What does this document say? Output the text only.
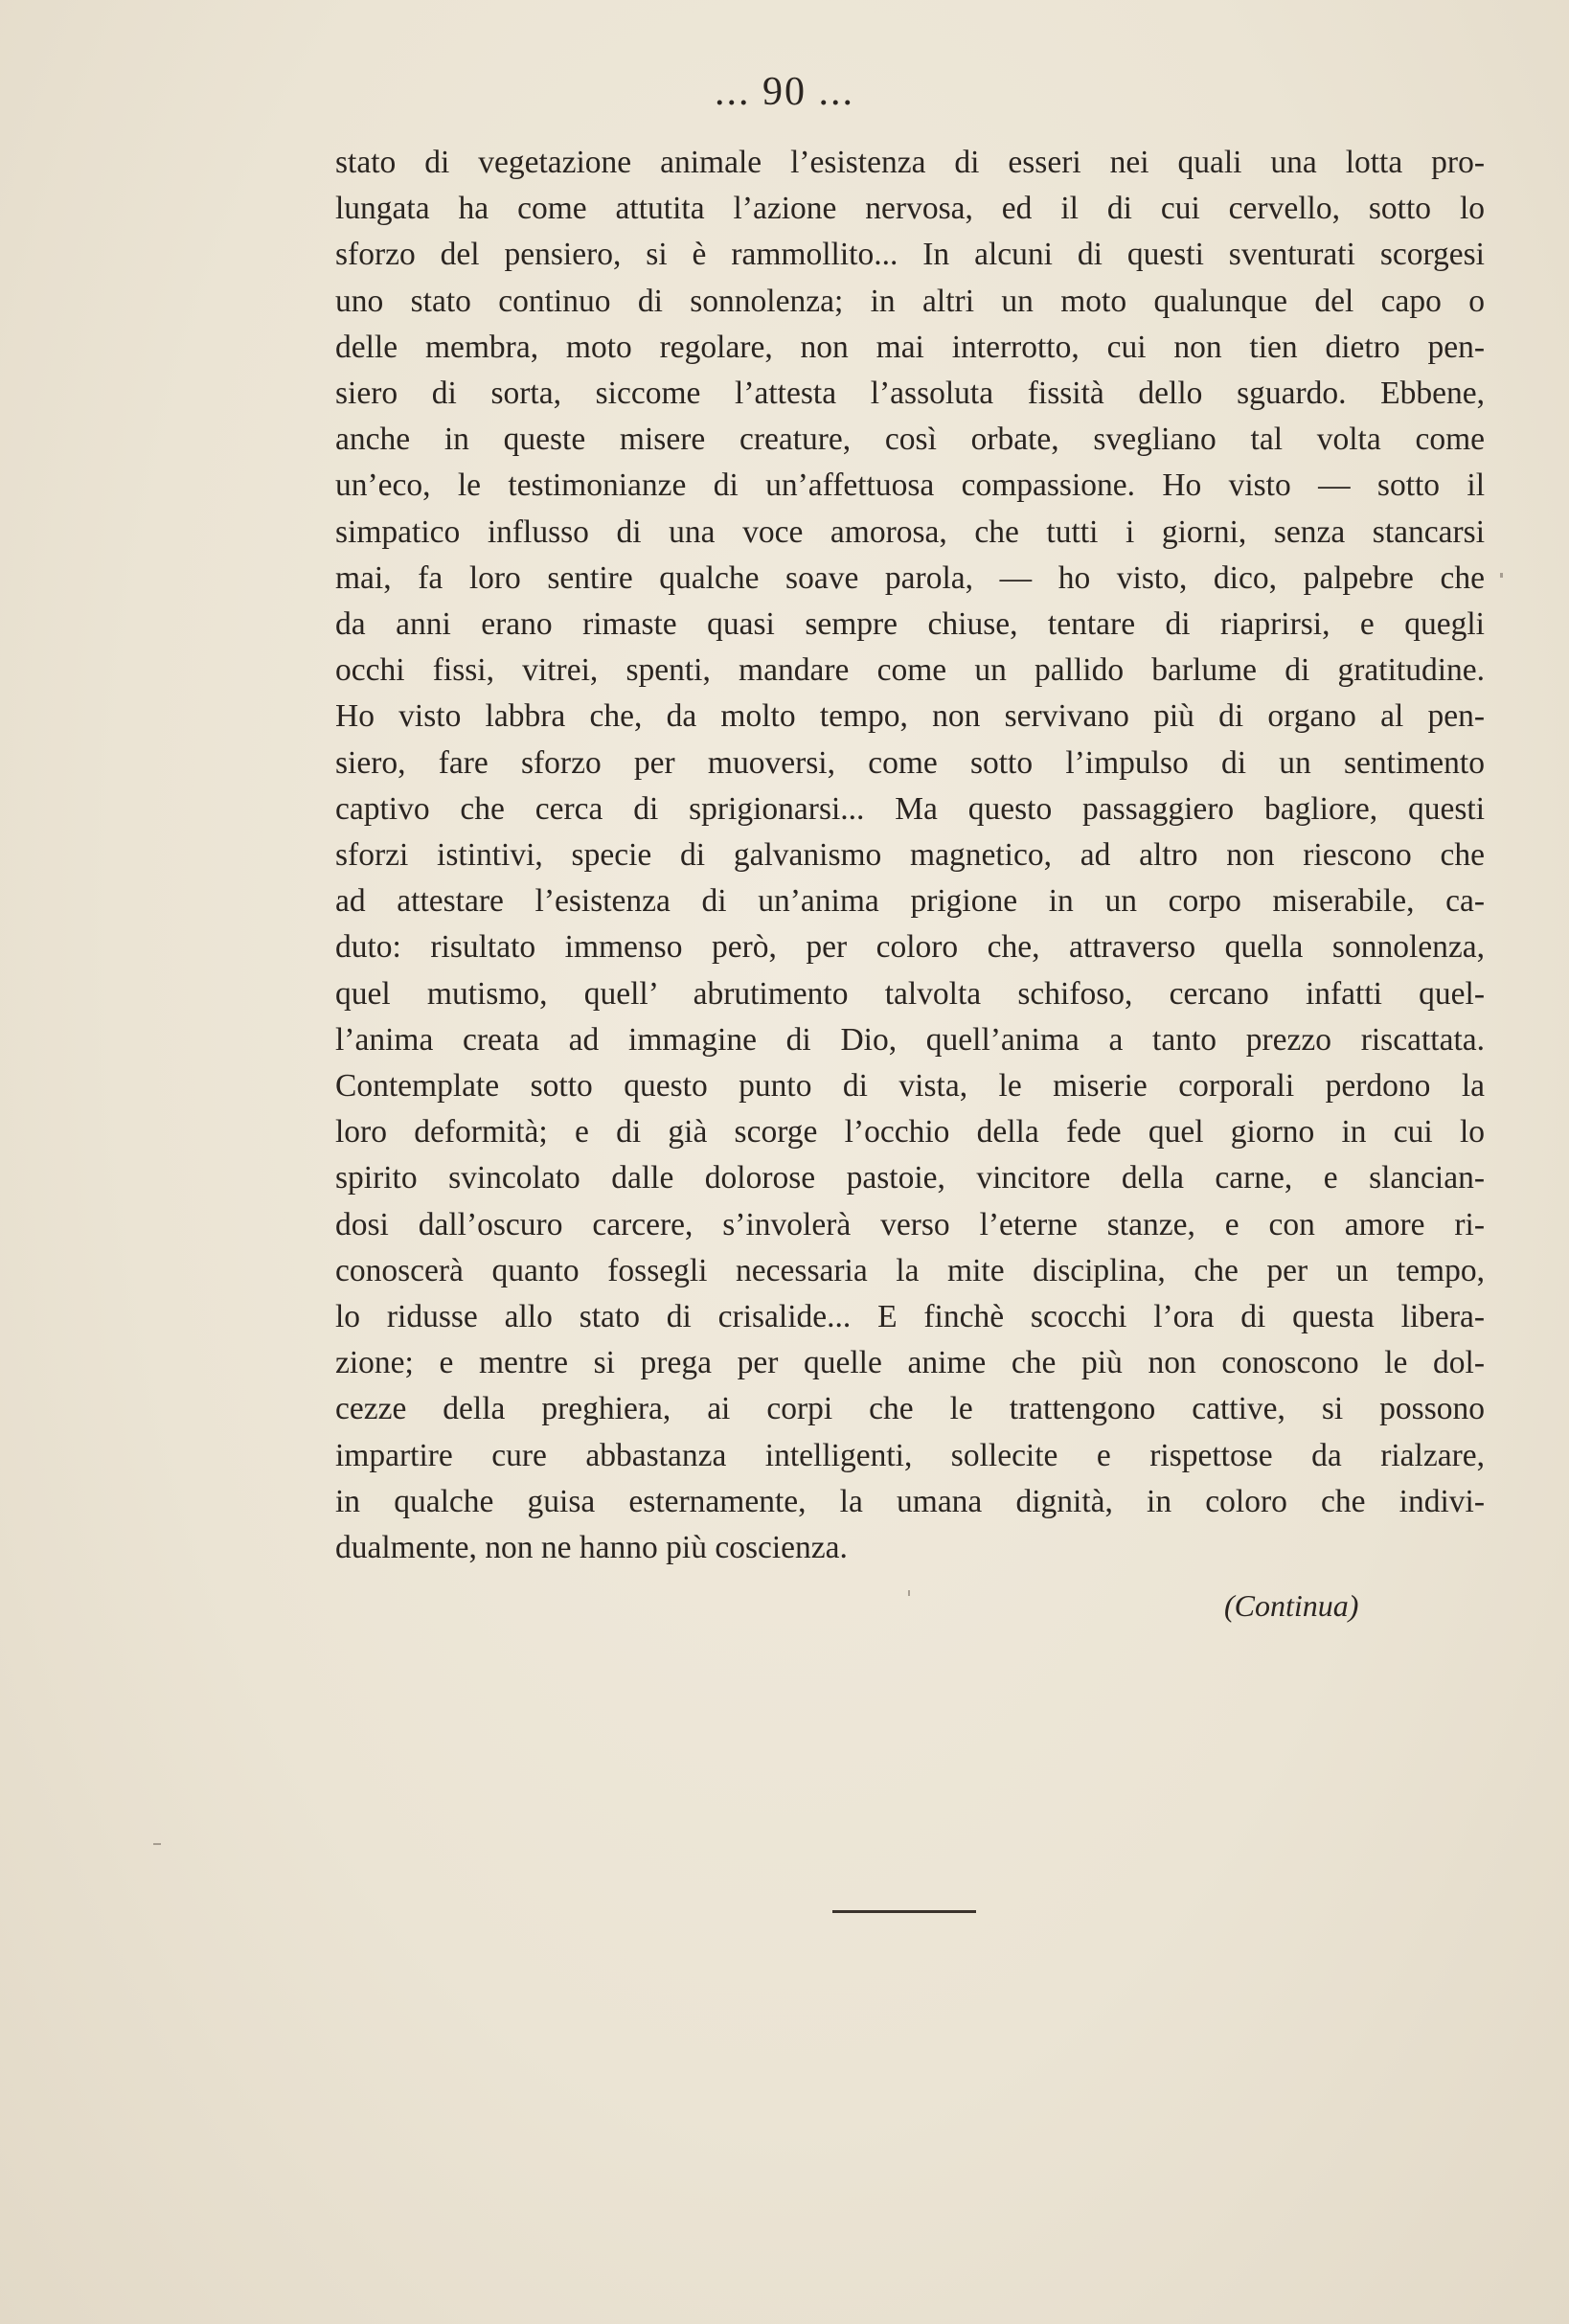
... 90 ...
stato di vegetazione animale l’esistenza di esseri nei quali una lotta pro-
lungata ha come attutita l’azione nervosa, ed il di cui cervello, sotto lo
sforzo del pensiero, si è rammollito... In alcuni di questi sventurati scorgesi
uno stato continuo di sonnolenza; in altri un moto qualunque del capo o
delle membra, moto regolare, non mai interrotto, cui non tien dietro pen-
siero di sorta, siccome l’attesta l’assoluta fissità dello sguardo. Ebbene,
anche in queste misere creature, così orbate, svegliano tal volta come
un’eco, le testimonianze di un’affettuosa compassione. Ho visto — sotto il
simpatico influsso di una voce amorosa, che tutti i giorni, senza stancarsi
mai, fa loro sentire qualche soave parola, — ho visto, dico, palpebre che
da anni erano rimaste quasi sempre chiuse, tentare di riaprirsi, e quegli
occhi fissi, vitrei, spenti, mandare come un pallido barlume di gratitudine.
Ho visto labbra che, da molto tempo, non servivano più di organo al pen-
siero, fare sforzo per muoversi, come sotto l’impulso di un sentimento
captivo che cerca di sprigionarsi... Ma questo passaggiero bagliore, questi
sforzi istintivi, specie di galvanismo magnetico, ad altro non riescono che
ad attestare l’esistenza di un’anima prigione in un corpo miserabile, ca-
duto: risultato immenso però, per coloro che, attraverso quella sonnolenza,
quel mutismo, quell’ abrutimento talvolta schifoso, cercano infatti quel-
l’anima creata ad immagine di Dio, quell’anima a tanto prezzo riscattata.
Contemplate sotto questo punto di vista, le miserie corporali perdono la
loro deformità; e di già scorge l’occhio della fede quel giorno in cui lo
spirito svincolato dalle dolorose pastoie, vincitore della carne, e slancian-
dosi dall’oscuro carcere, s’involerà verso l’eterne stanze, e con amore ri-
conoscerà quanto fossegli necessaria la mite disciplina, che per un tempo,
lo ridusse allo stato di crisalide... E finchè scocchi l’ora di questa libera-
zione; e mentre si prega per quelle anime che più non conoscono le dol-
cezze della preghiera, ai corpi che le trattengono cattive, si possono
impartire cure abbastanza intelligenti, sollecite e rispettose da rialzare,
in qualche guisa esternamente, la umana dignità, in coloro che indivi-
dualmente, non ne hanno più coscienza.
(Continua)
